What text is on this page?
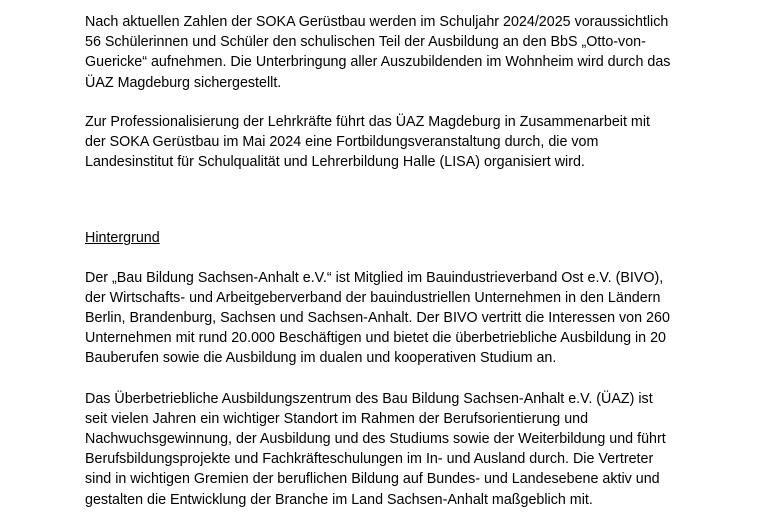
Nach aktuellen Zahlen der SOKA Gerüstbau werden im Schuljahr 2024/2025 voraussichtlich
56 Schülerinnen und Schüler den schulischen Teil der Ausbildung an den BbS „Otto-von-
Guericke“ aufnehmen. Die Unterbringung aller Auszubildenden im Wohnheim wird durch das
ÜAZ Magdeburg sichergestellt.

Zur Professionalisierung der Lehrkräfte führt das ÜAZ Magdeburg in Zusammenarbeit mit
der SOKA Gerüstbau im Mai 2024 eine Fortbildungsveranstaltung durch, die vom
Landesinstitut für Schulqualität und Lehrerbildung Halle (LISA) organisiert wird.

Hintergrund

Der „Bau Bildung Sachsen-Anhalt e.V.“ ist Mitglied im Bauindustrieverband Ost e.V. (BIVO),
der Wirtschafts- und Arbeitgeberverband der bauindustriellen Unternehmen in den Ländern
Berlin, Brandenburg, Sachsen und Sachsen-Anhalt. Der BIVO vertritt die Interessen von 260
Unternehmen mit rund 20.000 Beschäftigen und bietet die überbetriebliche Ausbildung in 20
Bauberufen sowie die Ausbildung im dualen und kooperativen Studium an.

Das Überbetriebliche Ausbildungszentrum des Bau Bildung Sachsen-Anhalt e.V. (ÜAZ) ist
seit vielen Jahren ein wichtiger Standort im Rahmen der Berufsorientierung und
Nachwuchsgewinnung, der Ausbildung und des Studiums sowie der Weiterbildung und führt
Berufsbildungsprojekte und Fachkräfteschulungen im In- und Ausland durch. Die Vertreter
sind in wichtigen Gremien der beruflichen Bildung auf Bundes- und Landesebene aktiv und
gestalten die Entwicklung der Branche im Land Sachsen-Anhalt maßgeblich mit.
